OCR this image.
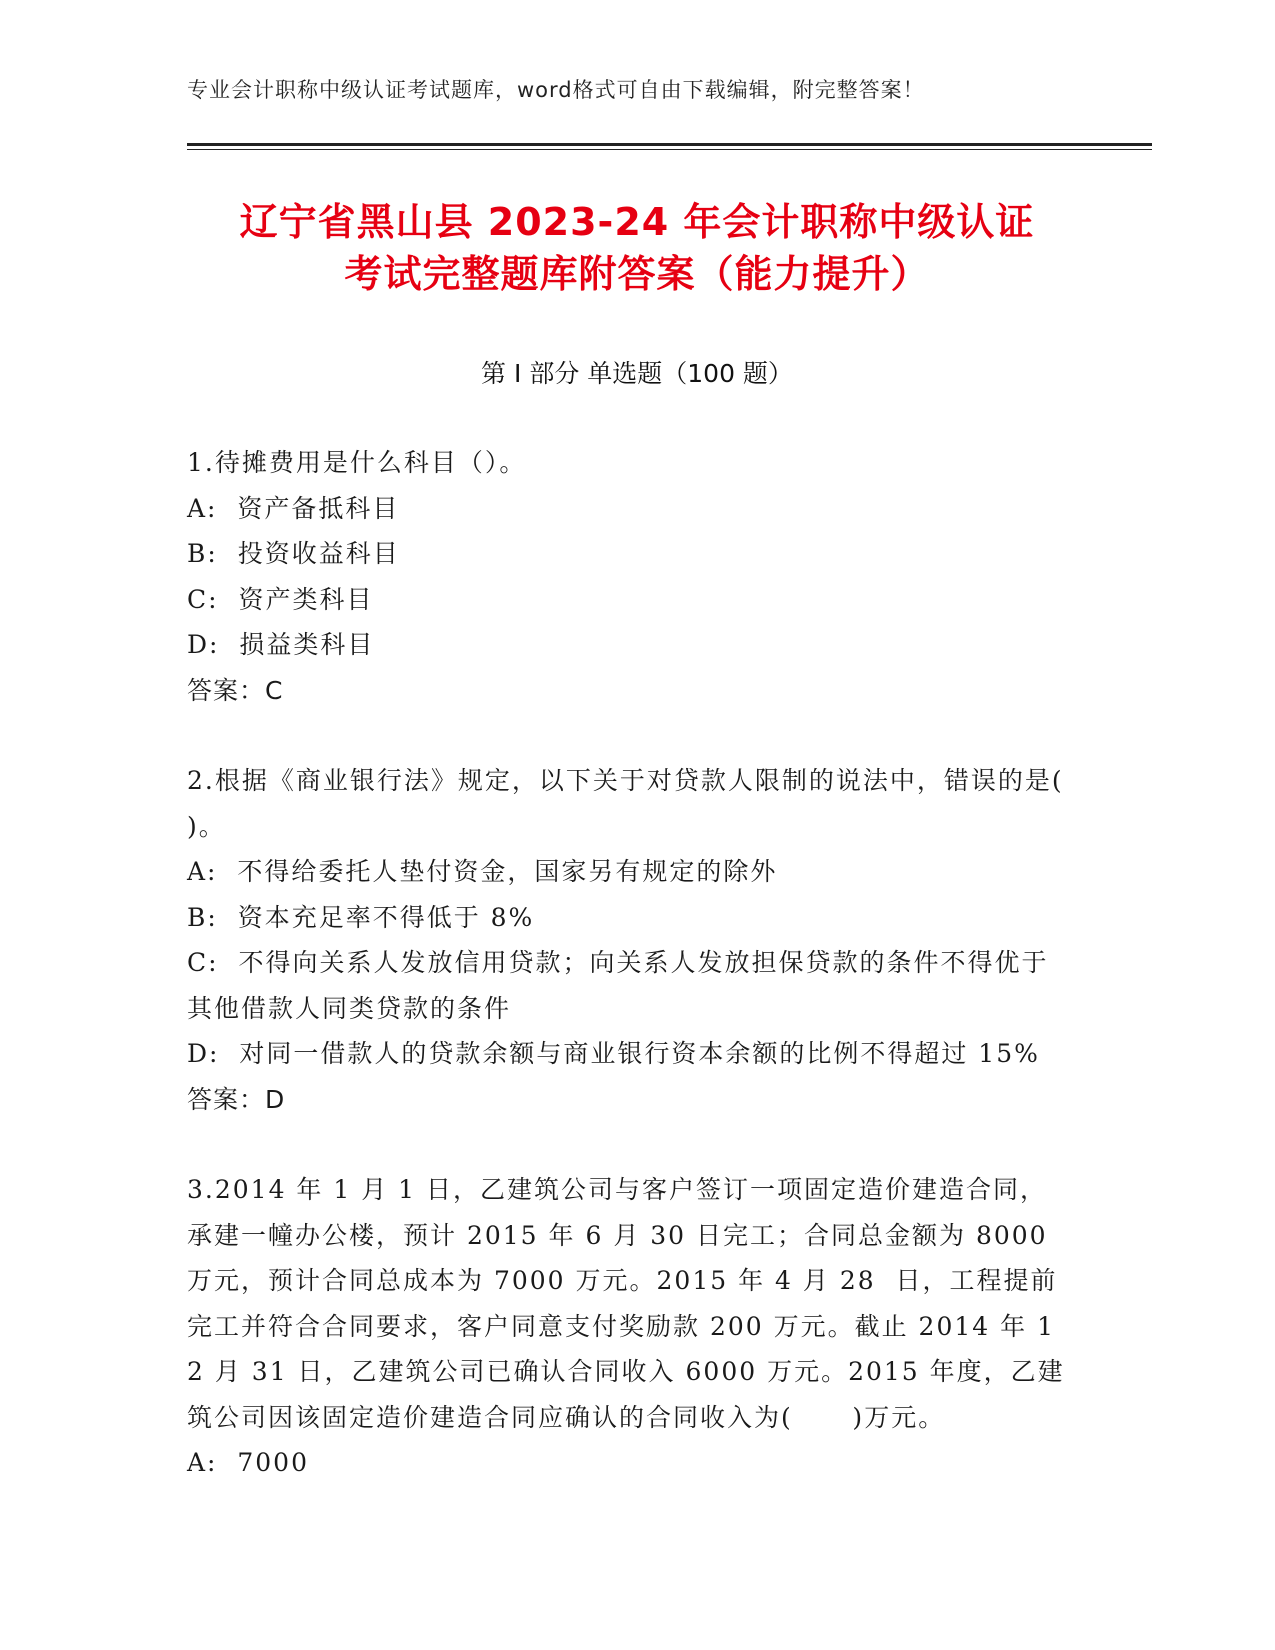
专业会计职称中级认证考试题库，word格式可自由下载编辑，附完整答案！
辽宁省黑山县 2023-24 年会计职称中级认证
考试完整题库附答案（能力提升）
第 I 部分 单选题（100 题）
1.待摊费用是什么科目（）。
A:  资产备抵科目
B:  投资收益科目
C:  资产类科目
D:  损益类科目
答案：C
2.根据《商业银行法》规定，以下关于对贷款人限制的说法中，错误的是(      )。
A:  不得给委托人垫付资金，国家另有规定的除外
B:  资本充足率不得低于 8%
C:  不得向关系人发放信用贷款；向关系人发放担保贷款的条件不得优于其他借款人同类贷款的条件
D:  对同一借款人的贷款余额与商业银行资本余额的比例不得超过 15%
答案：D
3.2014 年 1 月 1 日，乙建筑公司与客户签订一项固定造价建造合同，承建一幢办公楼，预计 2015 年 6 月 30 日完工；合同总金额为 8000 万元，预计合同总成本为 7000 万元。2015 年 4 月 28  日，工程提前完工并符合合同要求，客户同意支付奖励款 200 万元。截止 2014 年 12 月 31 日，乙建筑公司已确认合同收入 6000 万元。2015 年度，乙建筑公司因该固定造价建造合同应确认的合同收入为(      )万元。
A:  7000
